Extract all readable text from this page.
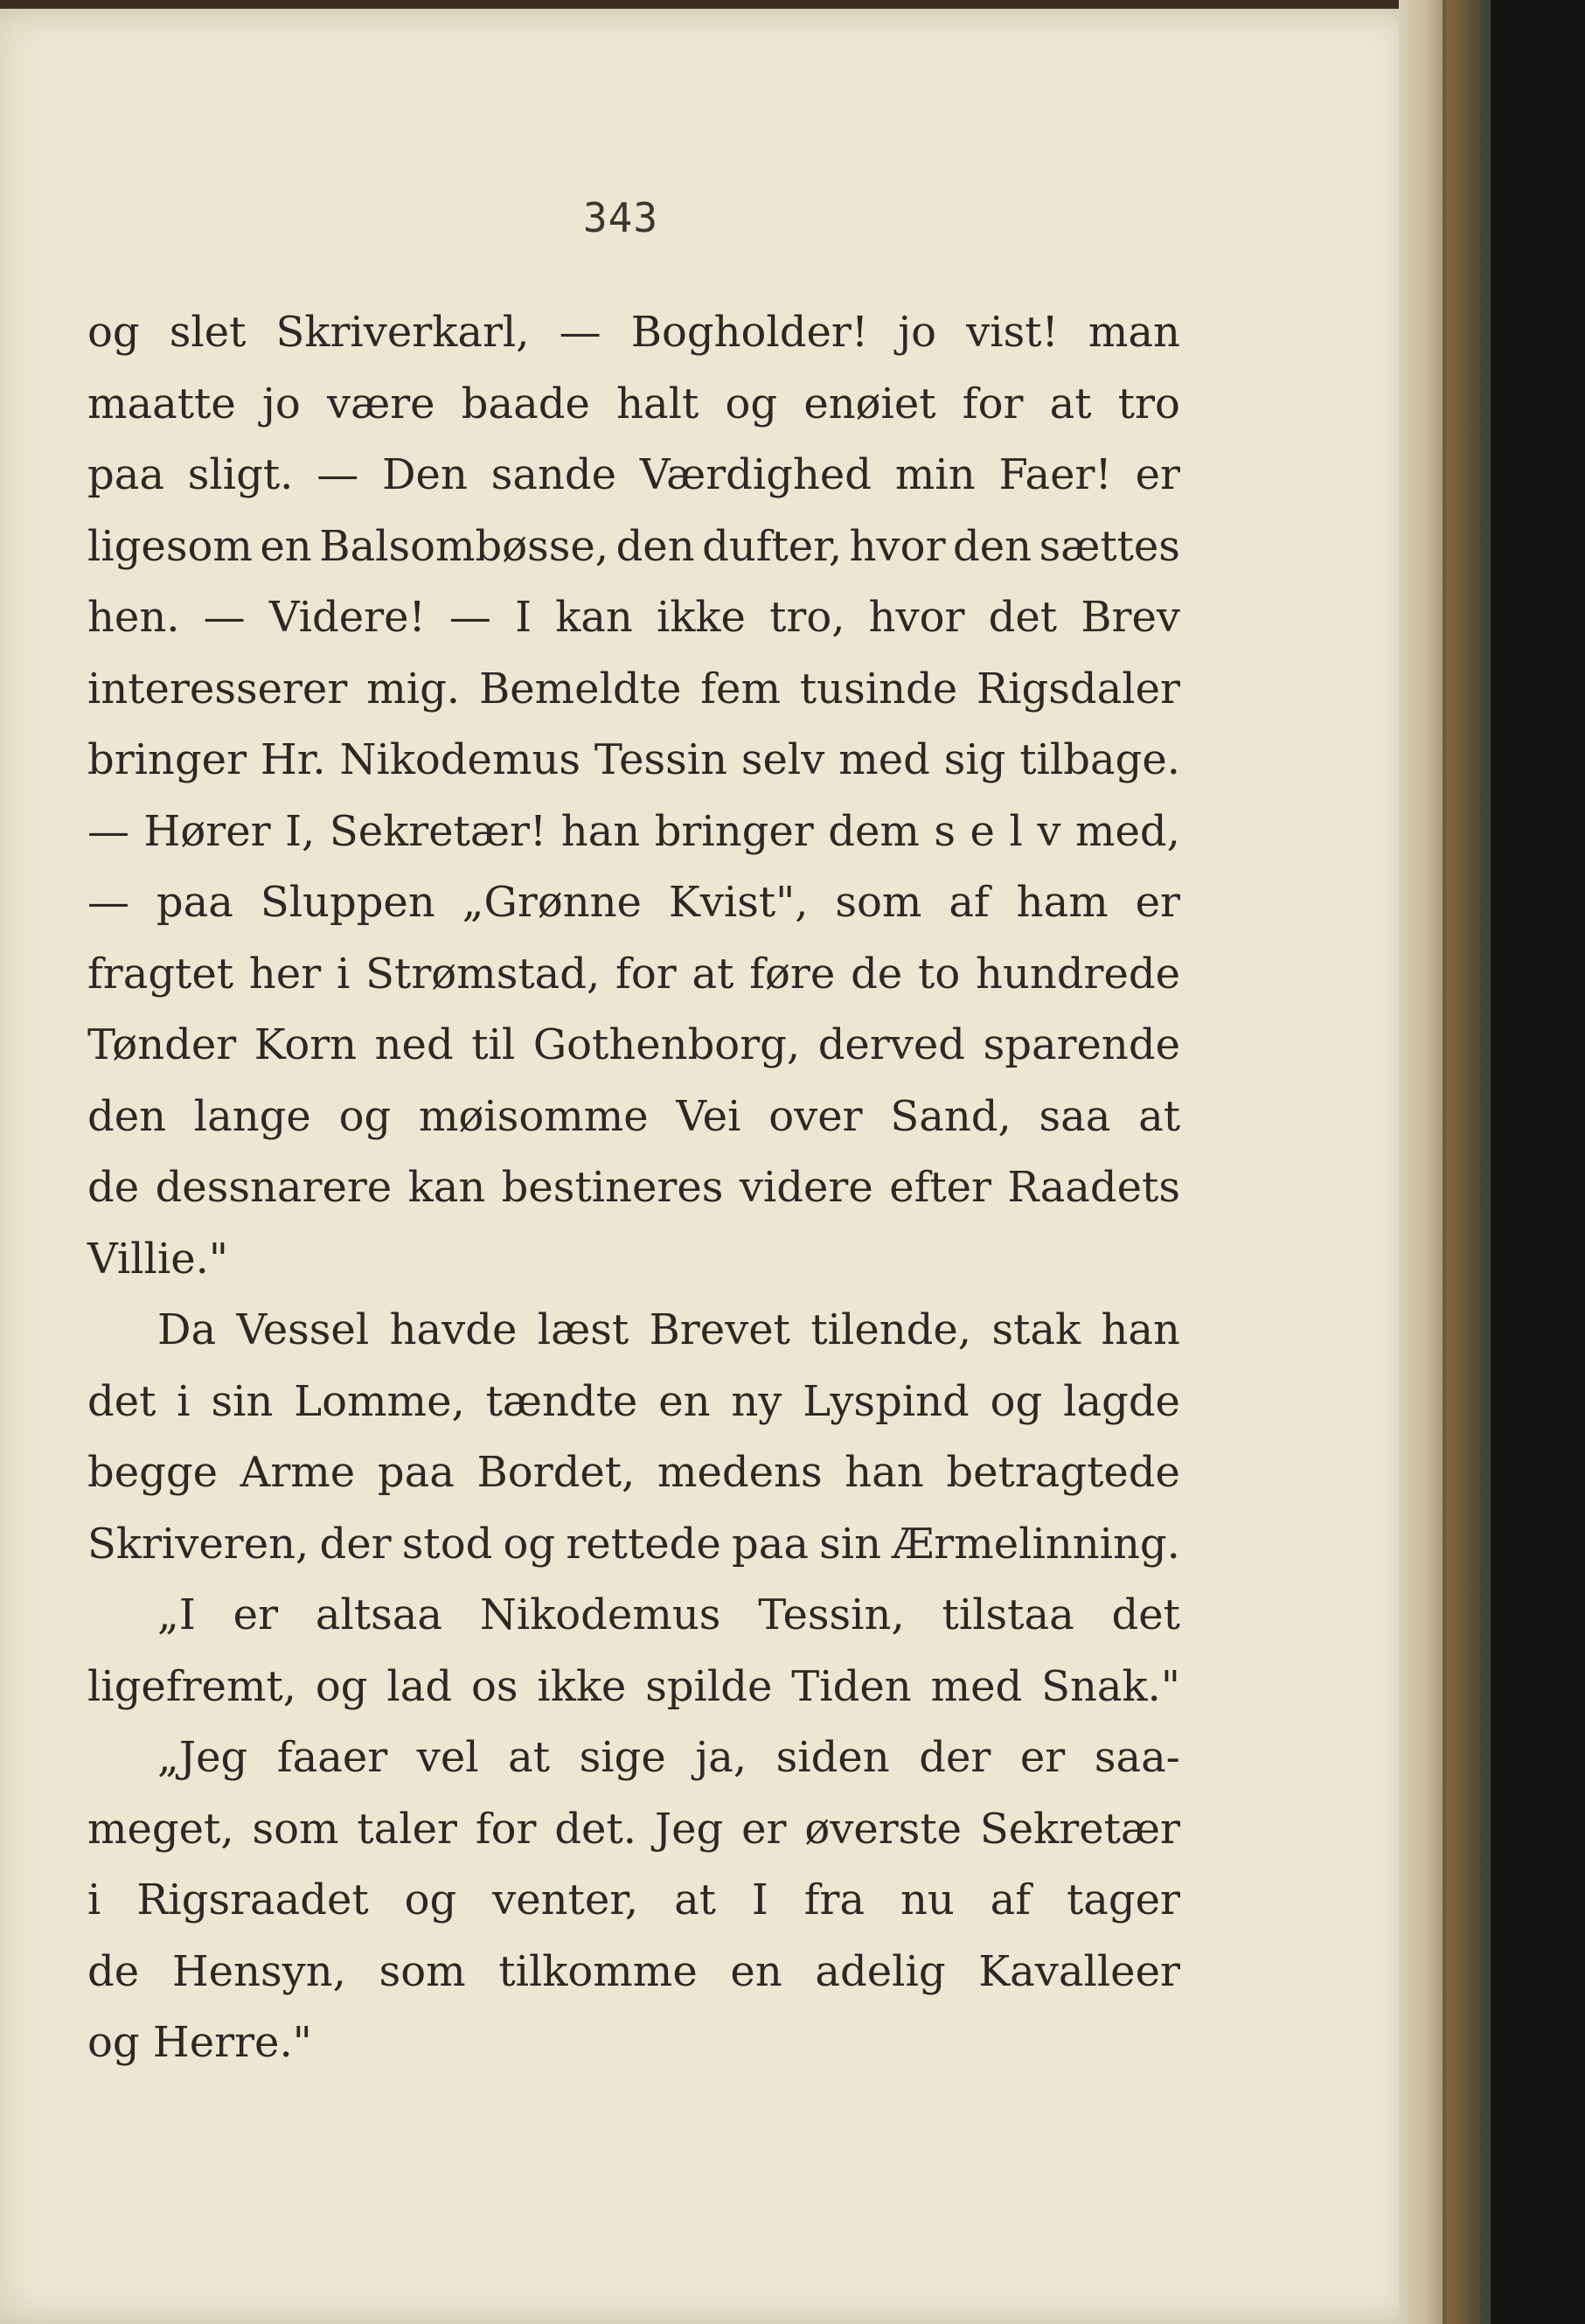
343
og slet Skriverkarl, — Bogholder! jo vist! man
maatte jo være baade halt og enøiet for at tro
paa sligt. — Den sande Værdighed min Faer! er
ligesom en Balsombøsse, den dufter, hvor den sættes
hen. — Videre! — I kan ikke tro, hvor det Brev
interesserer mig. Bemeldte fem tusinde Rigsdaler
bringer Hr. Nikodemus Tessin selv med sig tilbage.
— Hører I, Sekretær! han bringer dem s e l v med,
— paa Sluppen „Grønne Kvist", som af ham er
fragtet her i Strømstad, for at føre de to hundrede
Tønder Korn ned til Gothenborg, derved sparende
den lange og møisomme Vei over Sand, saa at
de dessnarere kan bestineres videre efter Raadets
Villie."
Da Vessel havde læst Brevet tilende, stak han
det i sin Lomme, tændte en ny Lyspind og lagde
begge Arme paa Bordet, medens han betragtede
Skriveren, der stod og rettede paa sin Ærmelinning.
„I er altsaa Nikodemus Tessin, tilstaa det
ligefremt, og lad os ikke spilde Tiden med Snak."
„Jeg faaer vel at sige ja, siden der er saa-
meget, som taler for det. Jeg er øverste Sekretær
i Rigsraadet og venter, at I fra nu af tager
de Hensyn, som tilkomme en adelig Kavalleer
og Herre."
